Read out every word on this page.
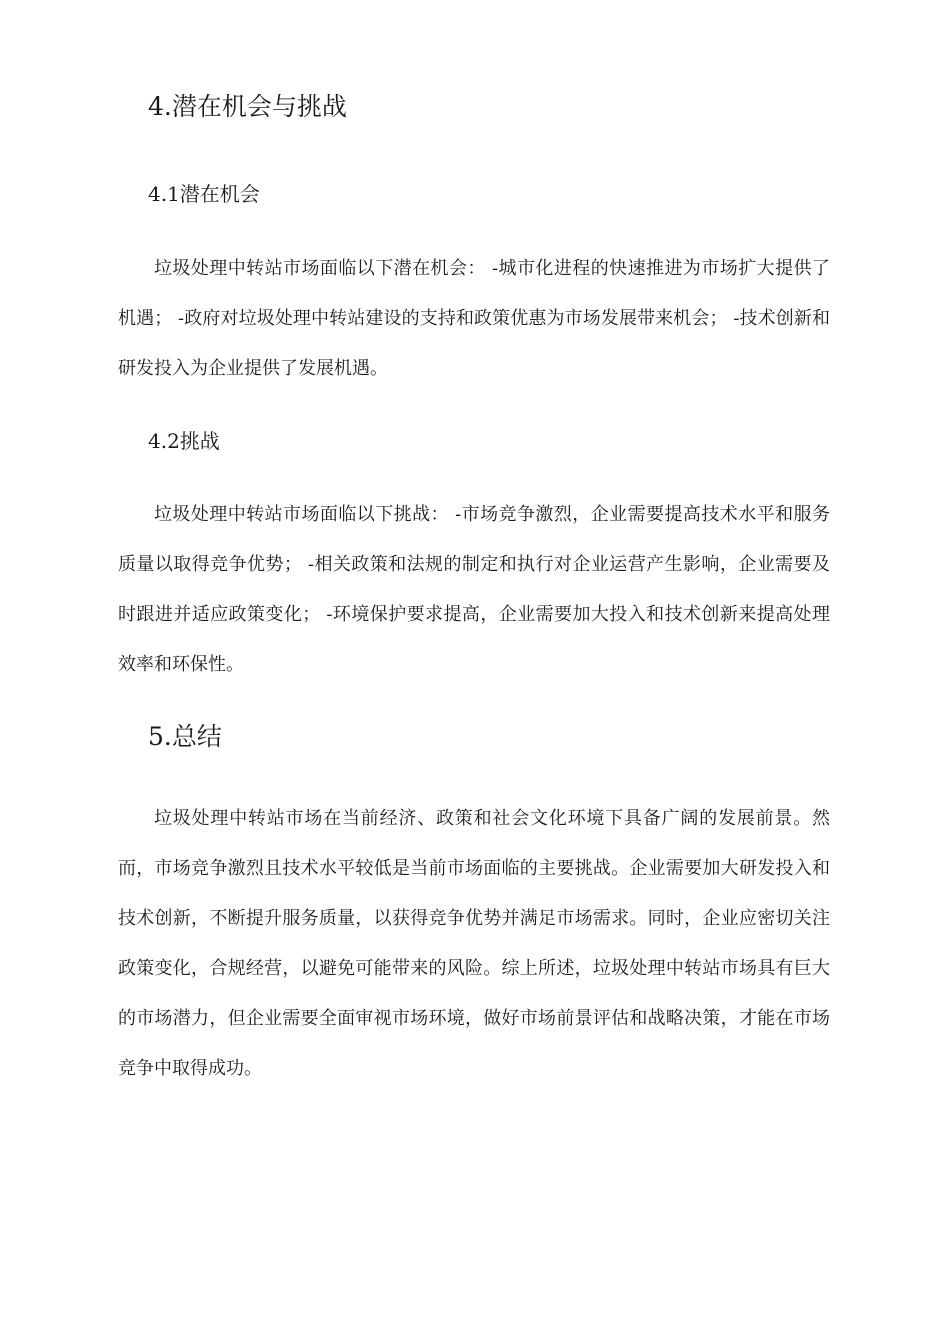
4.潜在机会与挑战
4.1潜在机会

垃圾处理中转站市场面临以下潜在机会： -城市化进程的快速推进为市场扩大提供了机遇； -政府对垃圾处理中转站建设的支持和政策优惠为市场发展带来机会； -技术创新和研发投入为企业提供了发展机遇。

4.2挑战

垃圾处理中转站市场面临以下挑战： -市场竞争激烈，企业需要提高技术水平和服务质量以取得竞争优势； -相关政策和法规的制定和执行对企业运营产生影响，企业需要及时跟进并适应政策变化； -环境保护要求提高，企业需要加大投入和技术创新来提高处理效率和环保性。

5.总结

垃圾处理中转站市场在当前经济、政策和社会文化环境下具备广阔的发展前景。然而，市场竞争激烈且技术水平较低是当前市场面临的主要挑战。企业需要加大研发投入和技术创新，不断提升服务质量，以获得竞争优势并满足市场需求。同时，企业应密切关注政策变化，合规经营，以避免可能带来的风险。综上所述，垃圾处理中转站市场具有巨大的市场潜力，但企业需要全面审视市场环境，做好市场前景评估和战略决策，才能在市场竞争中取得成功。
